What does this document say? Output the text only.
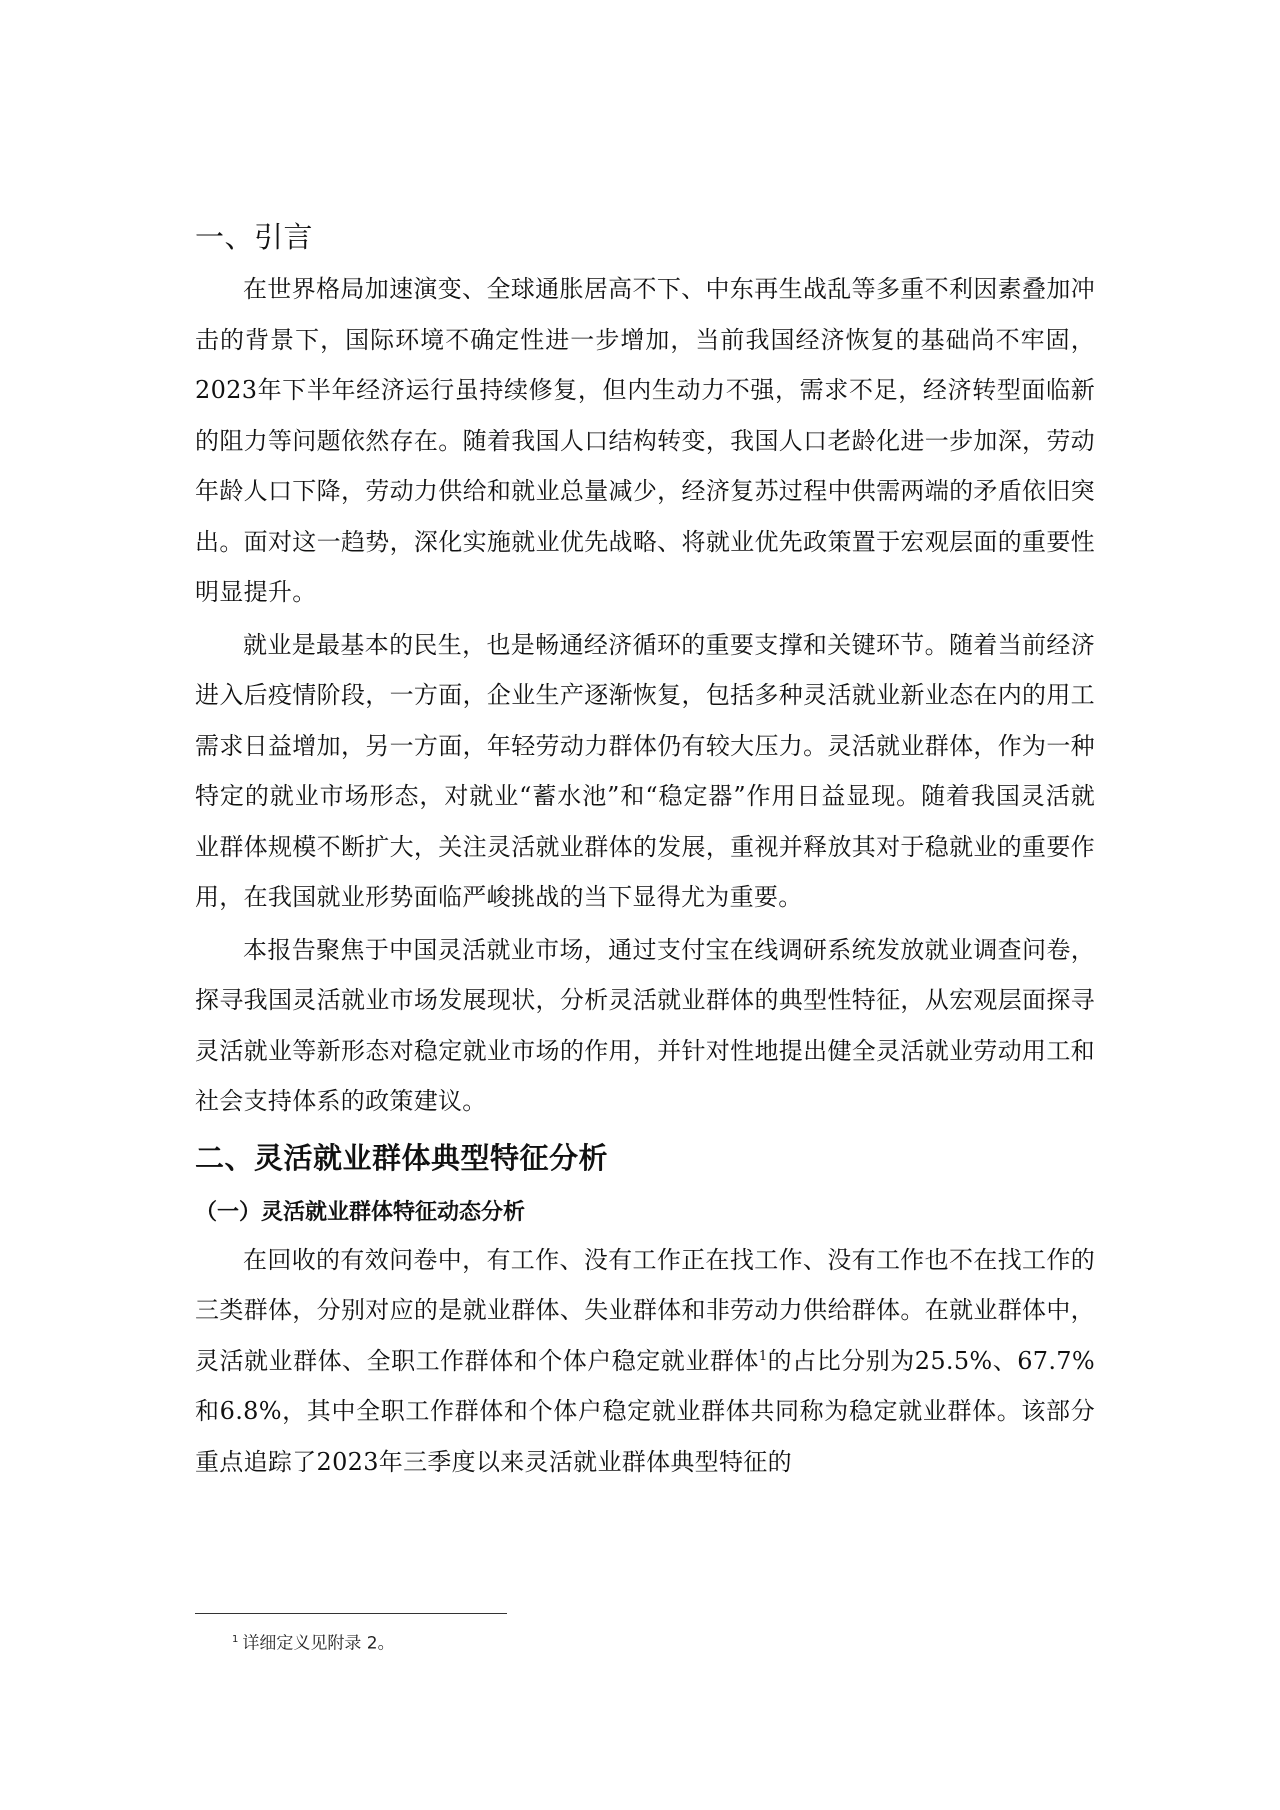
一、引言

在世界格局加速演变、全球通胀居高不下、中东再生战乱等多重不利因素叠加冲击的背景下，国际环境不确定性进一步增加，当前我国经济恢复的基础尚不牢固，2023年下半年经济运行虽持续修复，但内生动力不强，需求不足，经济转型面临新的阻力等问题依然存在。随着我国人口结构转变，我国人口老龄化进一步加深，劳动年龄人口下降，劳动力供给和就业总量减少，经济复苏过程中供需两端的矛盾依旧突出。面对这一趋势，深化实施就业优先战略、将就业优先政策置于宏观层面的重要性明显提升。

就业是最基本的民生，也是畅通经济循环的重要支撑和关键环节。随着当前经济进入后疫情阶段，一方面，企业生产逐渐恢复，包括多种灵活就业新业态在内的用工需求日益增加，另一方面，年轻劳动力群体仍有较大压力。灵活就业群体，作为一种特定的就业市场形态，对就业“蓄水池”和“稳定器”作用日益显现。随着我国灵活就业群体规模不断扩大，关注灵活就业群体的发展，重视并释放其对于稳就业的重要作用，在我国就业形势面临严峻挑战的当下显得尤为重要。

本报告聚焦于中国灵活就业市场，通过支付宝在线调研系统发放就业调查问卷，探寻我国灵活就业市场发展现状，分析灵活就业群体的典型性特征，从宏观层面探寻灵活就业等新形态对稳定就业市场的作用，并针对性地提出健全灵活就业劳动用工和社会支持体系的政策建议。

二、灵活就业群体典型特征分析
（一）灵活就业群体特征动态分析

在回收的有效问卷中，有工作、没有工作正在找工作、没有工作也不在找工作的三类群体，分别对应的是就业群体、失业群体和非劳动力供给群体。在就业群体中，灵活就业群体、全职工作群体和个体户稳定就业群体$^1$的占比分别为25.5%、67.7%和6.8%，其中全职工作群体和个体户稳定就业群体共同称为稳定就业群体。该部分重点追踪了2023年三季度以来灵活就业群体典型特征的

$^1$ 详细定义见附录 2。
